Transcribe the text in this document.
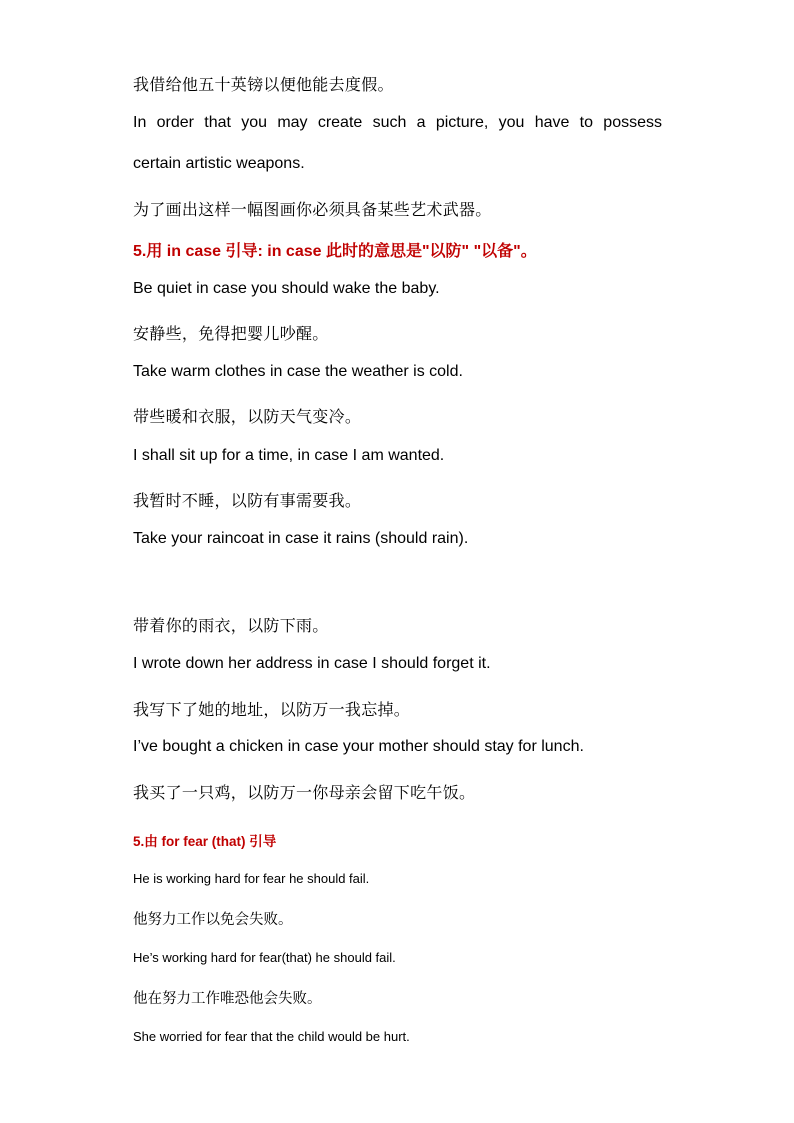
我借给他五十英镑以便他能去度假。

In order that you may create such a picture, you have to possess

certain artistic weapons.

为了画出这样一幅图画你必须具备某些艺术武器。

5.用 in case 引导: in case 此时的意思是"以防" "以备"。

Be quiet in case you should wake the baby.

安静些，免得把婴儿吵醒。

Take warm clothes in case the weather is cold.

带些暖和衣服，以防天气变冷。

I shall sit up for a time, in case I am wanted.

我暂时不睡，以防有事需要我。

Take your raincoat in case it rains (should rain).

带着你的雨衣，以防下雨。

I wrote down her address in case I should forget it.

我写下了她的地址，以防万一我忘掉。

I’ve bought a chicken in case your mother should stay for lunch.

我买了一只鸡，以防万一你母亲会留下吃午饭。

5.由 for fear (that) 引导

He is working hard for fear he should fail.

他努力工作以免会失败。

He’s working hard for fear(that) he should fail.

他在努力工作唯恐他会失败。

She worried for fear that the child would be hurt.
